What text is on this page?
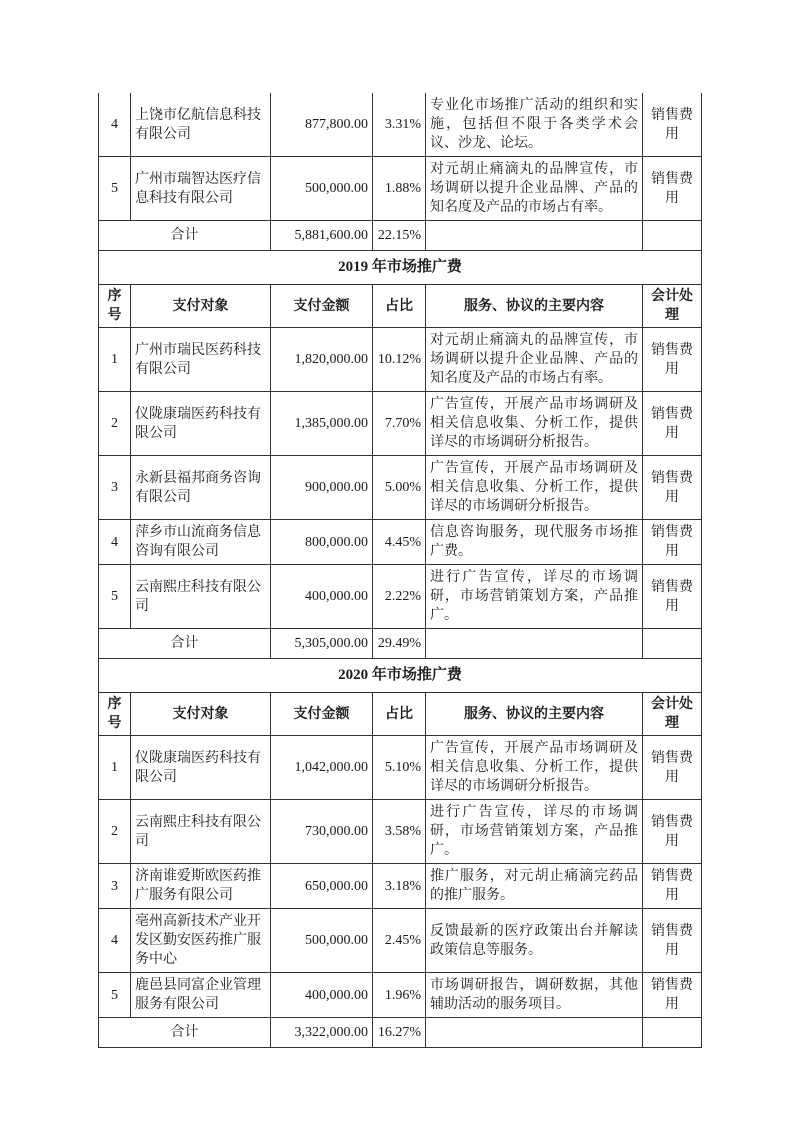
4	上饶市亿航信息科技有限公司	877,800.00	3.31%	专业化市场推广活动的组织和实施，包括但不限于各类学术会议、沙龙、论坛。	销售费用
5	广州市瑞智达医疗信息科技有限公司	500,000.00	1.88%	对元胡止痛滴丸的品牌宣传，市场调研以提升企业品牌、产品的知名度及产品的市场占有率。	销售费用
合计		5,881,600.00	22.15%		
2019 年市场推广费					
序号	支付对象	支付金额	占比	服务、协议的主要内容	会计处理
1	广州市瑞民医药科技有限公司	1,820,000.00	10.12%	对元胡止痛滴丸的品牌宣传，市场调研以提升企业品牌、产品的知名度及产品的市场占有率。	销售费用
2	仪陇康瑞医药科技有限公司	1,385,000.00	7.70%	广告宣传，开展产品市场调研及相关信息收集、分析工作，提供详尽的市场调研分析报告。	销售费用
3	永新县福邦商务咨询有限公司	900,000.00	5.00%	广告宣传，开展产品市场调研及相关信息收集、分析工作，提供详尽的市场调研分析报告。	销售费用
4	萍乡市山流商务信息咨询有限公司	800,000.00	4.45%	信息咨询服务，现代服务市场推广费。	销售费用
5	云南熙庄科技有限公司	400,000.00	2.22%	进行广告宣传，详尽的市场调研，市场营销策划方案，产品推广。	销售费用
合计		5,305,000.00	29.49%		
2020 年市场推广费					
序号	支付对象	支付金额	占比	服务、协议的主要内容	会计处理
1	仪陇康瑞医药科技有限公司	1,042,000.00	5.10%	广告宣传，开展产品市场调研及相关信息收集、分析工作，提供详尽的市场调研分析报告。	销售费用
2	云南熙庄科技有限公司	730,000.00	3.58%	进行广告宣传，详尽的市场调研，市场营销策划方案，产品推广。	销售费用
3	济南谁爱斯欧医药推广服务有限公司	650,000.00	3.18%	推广服务，对元胡止痛滴完药品的推广服务。	销售费用
4	亳州高新技术产业开发区勤安医药推广服务中心	500,000.00	2.45%	反馈最新的医疗政策出台并解读政策信息等服务。	销售费用
5	鹿邑县同富企业管理服务有限公司	400,000.00	1.96%	市场调研报告，调研数据，其他辅助活动的服务项目。	销售费用
合计		3,322,000.00	16.27%		
